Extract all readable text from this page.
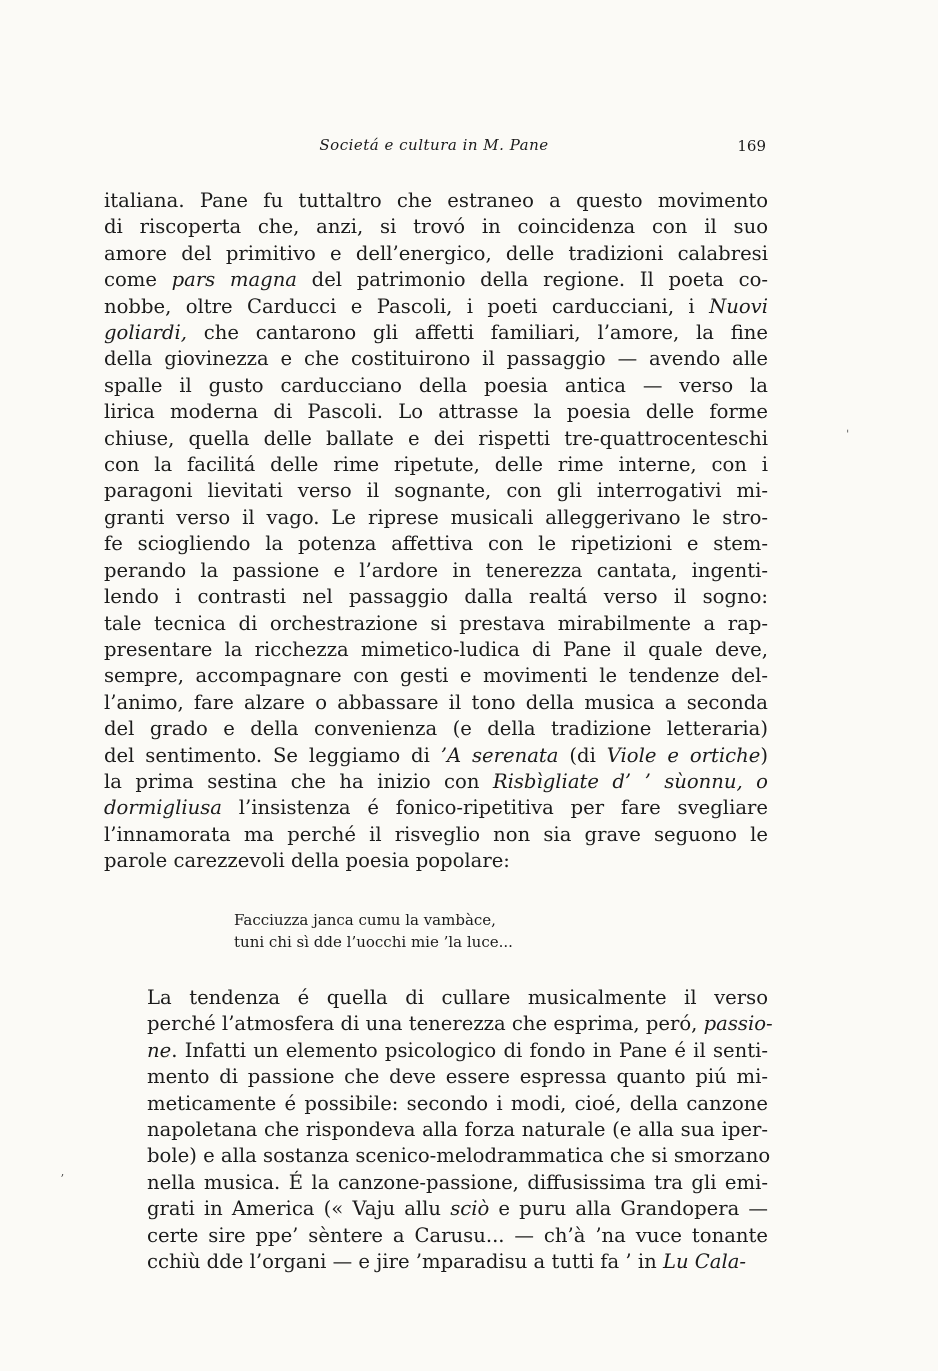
Societá e cultura in M. Pane	169
italiana. Pane fu tuttaltro che estraneo a questo movimento
di riscoperta che, anzi, si trovó in coincidenza con il suo
amore del primitivo e dell’energico, delle tradizioni calabresi
come pars magna del patrimonio della regione. Il poeta co-
nobbe, oltre Carducci e Pascoli, i poeti carducciani, i Nuovi
goliardi, che cantarono gli affetti familiari, l’amore, la fine
della giovinezza e che costituirono il passaggio — avendo alle
spalle il gusto carducciano della poesia antica — verso la
lirica moderna di Pascoli. Lo attrasse la poesia delle forme
chiuse, quella delle ballate e dei rispetti tre-quattrocenteschi
con la facilitá delle rime ripetute, delle rime interne, con i
paragoni lievitati verso il sognante, con gli interrogativi mi-
granti verso il vago. Le riprese musicali alleggerivano le stro-
fe sciogliendo la potenza affettiva con le ripetizioni e stem-
perando la passione e l’ardore in tenerezza cantata, ingenti-
lendo i contrasti nel passaggio dalla realtá verso il sogno:
tale tecnica di orchestrazione si prestava mirabilmente a rap-
presentare la ricchezza mimetico-ludica di Pane il quale deve,
sempre, accompagnare con gesti e movimenti le tendenze del-
l’animo, fare alzare o abbassare il tono della musica a seconda
del grado e della convenienza (e della tradizione letteraria)
del sentimento. Se leggiamo di ’A serenata (di Viole e ortiche)
la prima sestina che ha inizio con Risbìgliate d’ ’ sùonnu, o
dormigliusa l’insistenza é fonico-ripetitiva per fare svegliare
l’innamorata ma perché il risveglio non sia grave seguono le
parole carezzevoli della poesia popolare:
Facciuzza janca cumu la vambàce,
tuni chi sì dde l’uocchi mie ’la luce...
La tendenza é quella di cullare musicalmente il verso
perché l’atmosfera di una tenerezza che esprima, peró, passio-
ne. Infatti un elemento psicologico di fondo in Pane é il senti-
mento di passione che deve essere espressa quanto piú mi-
meticamente é possibile: secondo i modi, cioé, della canzone
napoletana che rispondeva alla forza naturale (e alla sua iper-
bole) e alla sostanza scenico-melodrammatica che si smorzano
nella musica. É la canzone-passione, diffusissima tra gli emi-
grati in America (« Vaju allu sciò e puru alla Grandopera —
certe sire ppe’ sèntere a Carusu... — ch’à ’na vuce tonante
cchiù dde l’organi — e jire ’mparadisu a tutti fa ’ in Lu Cala-
ˌ
ʼ
